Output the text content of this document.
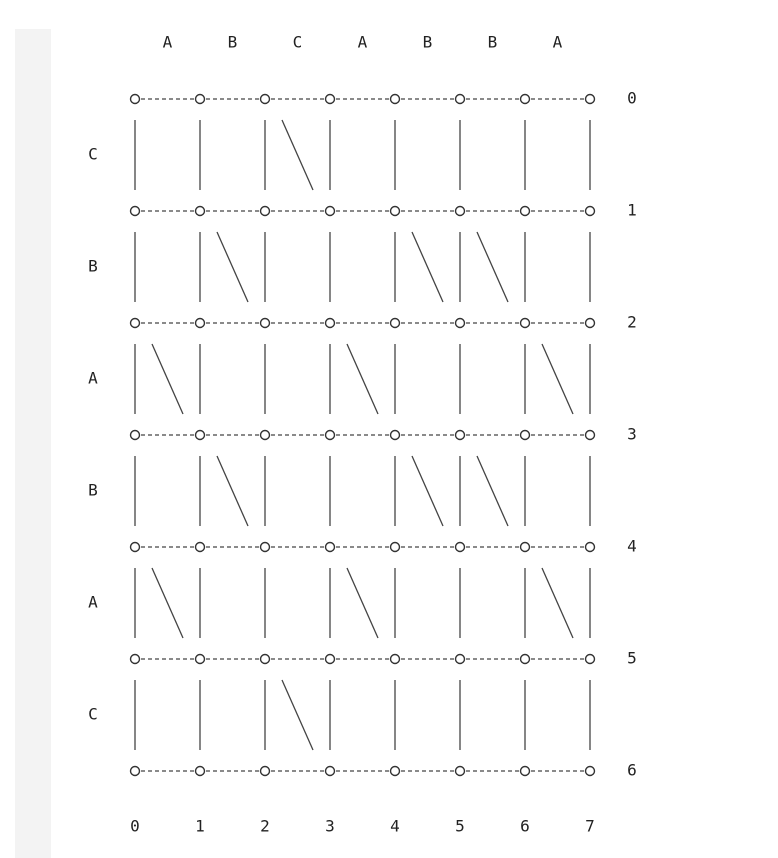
A	B	C	A	B	B	A
C
B
A
B
A
C
0	1	2	3	4	5	6	7
0
1
2
3
4
5
6
